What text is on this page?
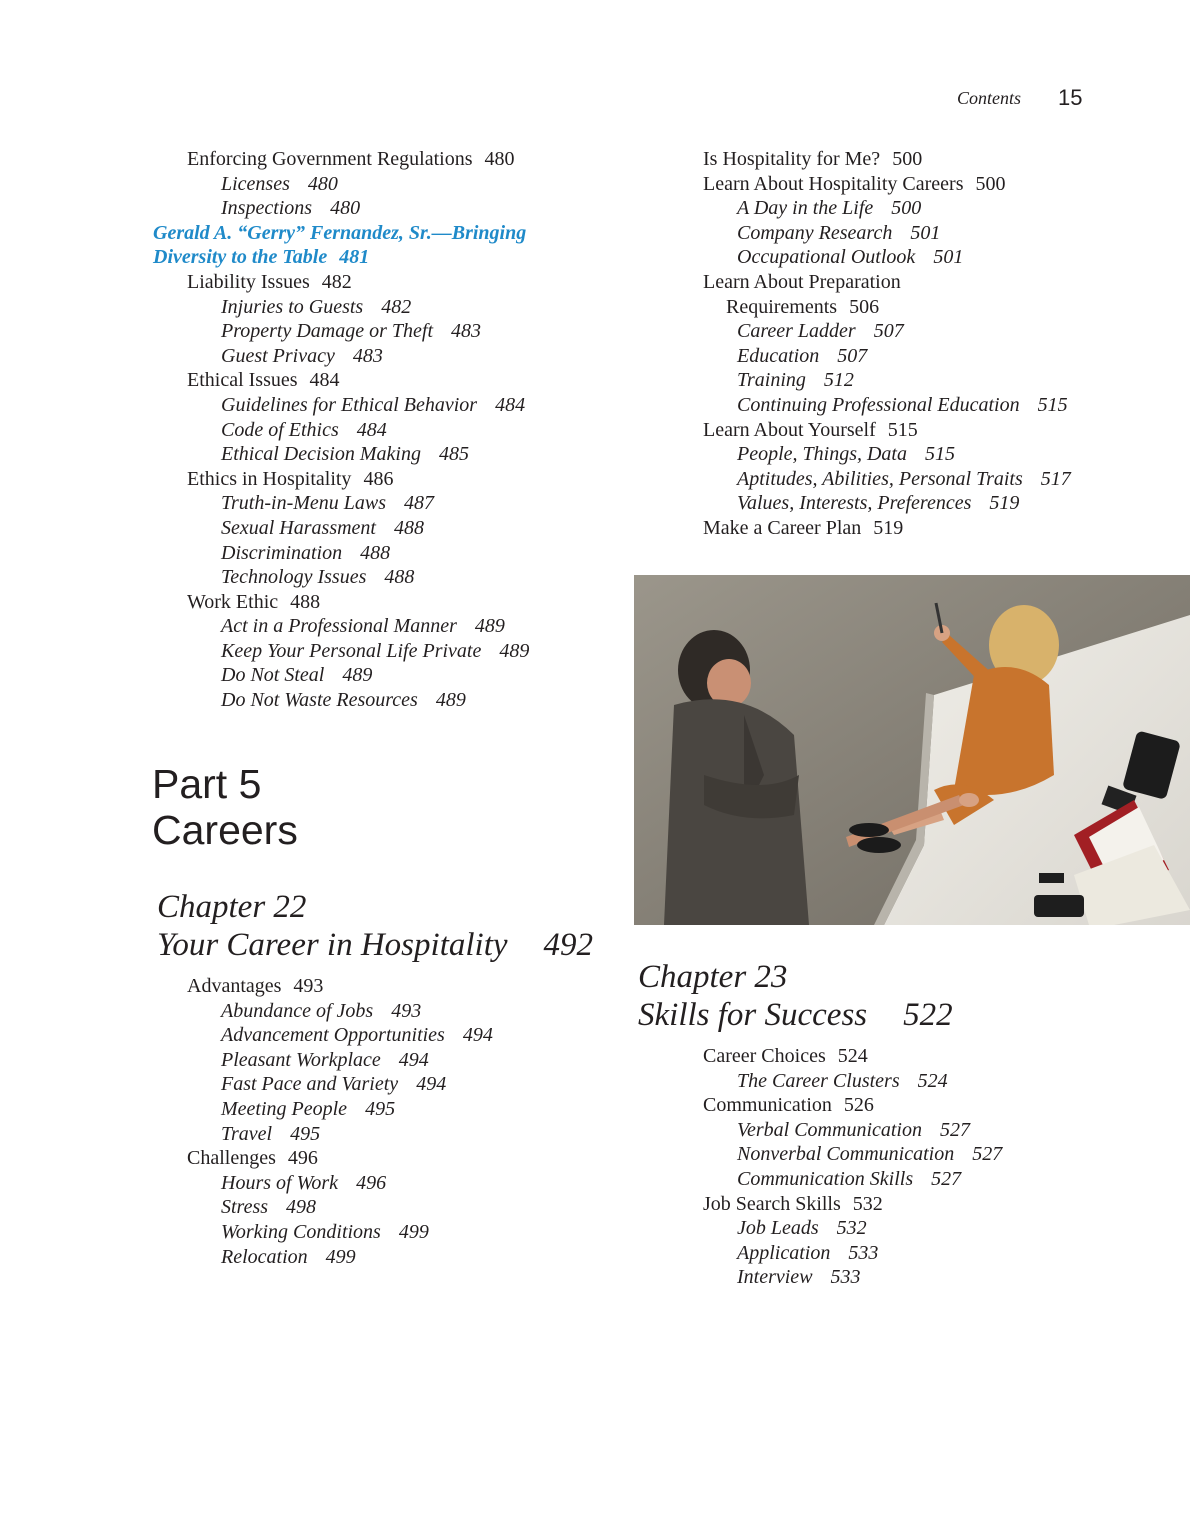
Contents 15
Enforcing Government Regulations 480
Licenses 480
Inspections 480
Gerald A. “Gerry” Fernandez, Sr.—Bringing
Diversity to the Table 481
Liability Issues 482
Injuries to Guests 482
Property Damage or Theft 483
Guest Privacy 483
Ethical Issues 484
Guidelines for Ethical Behavior 484
Code of Ethics 484
Ethical Decision Making 485
Ethics in Hospitality 486
Truth-in-Menu Laws 487
Sexual Harassment 488
Discrimination 488
Technology Issues 488
Work Ethic 488
Act in a Professional Manner 489
Keep Your Personal Life Private 489
Do Not Steal 489
Do Not Waste Resources 489
Part 5
Careers
Chapter 22
Your Career in Hospitality 492
Advantages 493
Abundance of Jobs 493
Advancement Opportunities 494
Pleasant Workplace 494
Fast Pace and Variety 494
Meeting People 495
Travel 495
Challenges 496
Hours of Work 496
Stress 498
Working Conditions 499
Relocation 499
Is Hospitality for Me? 500
Learn About Hospitality Careers 500
A Day in the Life 500
Company Research 501
Occupational Outlook 501
Learn About Preparation
Requirements 506
Career Ladder 507
Education 507
Training 512
Continuing Professional Education 515
Learn About Yourself 515
People, Things, Data 515
Aptitudes, Abilities, Personal Traits 517
Values, Interests, Preferences 519
Make a Career Plan 519
Chapter 23
Skills for Success 522
Career Choices 524
The Career Clusters 524
Communication 526
Verbal Communication 527
Nonverbal Communication 527
Communication Skills 527
Job Search Skills 532
Job Leads 532
Application 533
Interview 533
